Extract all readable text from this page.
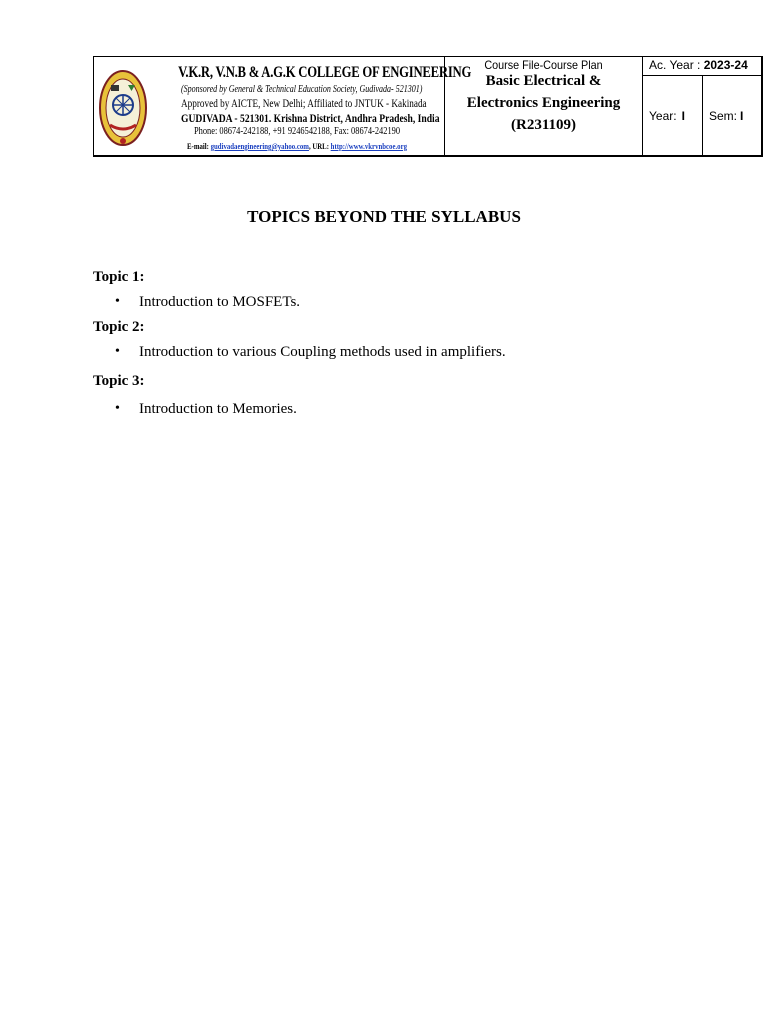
V.K.R, V.N.B & A.G.K COLLEGE OF ENGINEERING
(Sponsored by General & Technical Education Society, Gudivada- 521301)
Approved by AICTE, New Delhi; Affiliated to JNTUK - Kakinada
GUDIVADA - 521301. Krishna District, Andhra Pradesh, India
Phone: 08674-242188, +91 9246542188, Fax: 08674-242190
E-mail: gudivadaengineering@yahoo.com, URL: http://www.vkrvnbcoe.org
Course File-Course Plan
Basic Electrical &
Electronics Engineering
(R231109)
Ac. Year : 2023-24
Year: I Sem: I
TOPICS BEYOND THE SYLLABUS
Topic 1:
•	Introduction to MOSFETs.
Topic 2:
•	Introduction to various Coupling methods used in amplifiers.
Topic 3:
•	Introduction to Memories.
